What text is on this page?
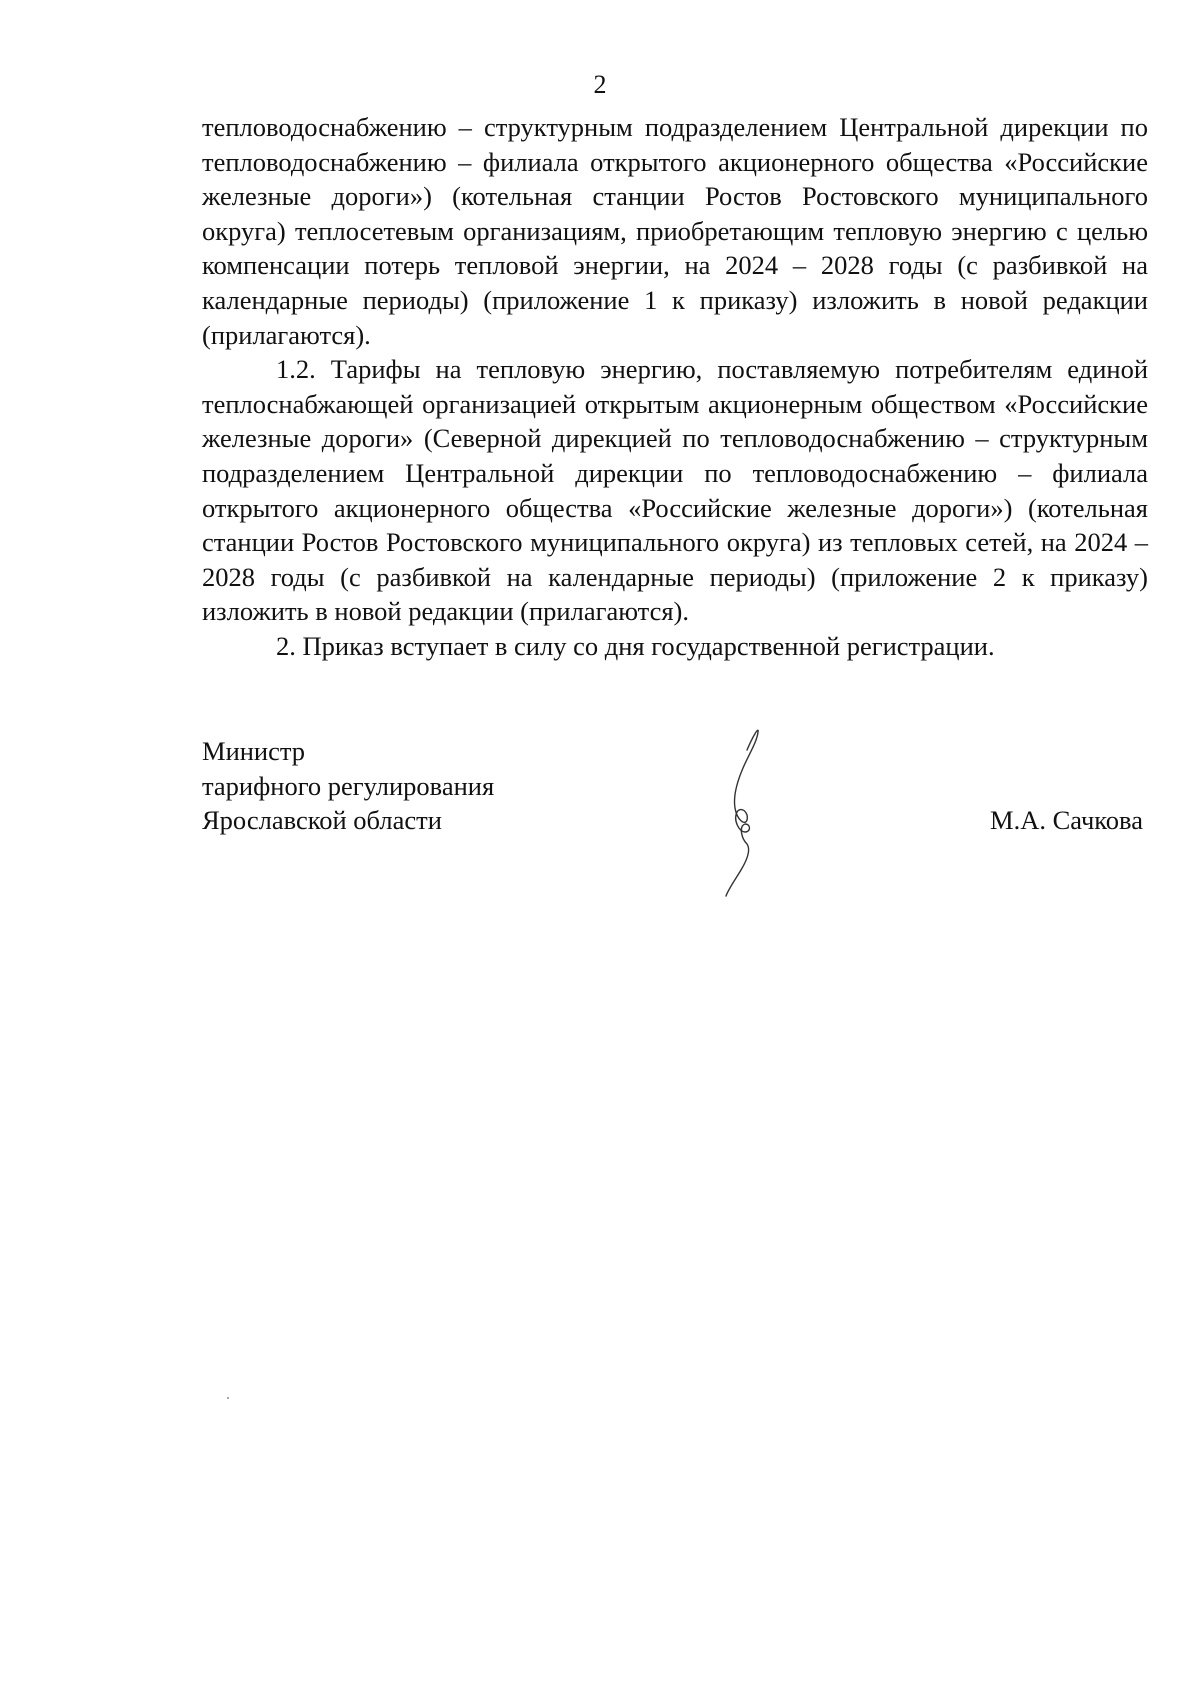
2

тепловодоснабжению – структурным подразделением Центральной дирекции по тепловодоснабжению – филиала открытого акционерного общества «Российские железные дороги») (котельная станции Ростов Ростовского муниципального округа) теплосетевым организациям, приобретающим тепловую энергию с целью компенсации потерь тепловой энергии, на 2024 – 2028 годы (с разбивкой на календарные периоды) (приложение 1 к приказу) изложить в новой редакции (прилагаются).

1.2. Тарифы на тепловую энергию, поставляемую потребителям единой теплоснабжающей организацией открытым акционерным обществом «Российские железные дороги» (Северной дирекцией по тепловодоснабжению – структурным подразделением Центральной дирекции по тепловодоснабжению – филиала открытого акционерного общества «Российские железные дороги») (котельная станции Ростов Ростовского муниципального округа) из тепловых сетей, на 2024 – 2028 годы (с разбивкой на календарные периоды) (приложение 2 к приказу) изложить в новой редакции (прилагаются).

2. Приказ вступает в силу со дня государственной регистрации.

Министр
тарифного регулирования
Ярославской области	М.А. Сачкова
